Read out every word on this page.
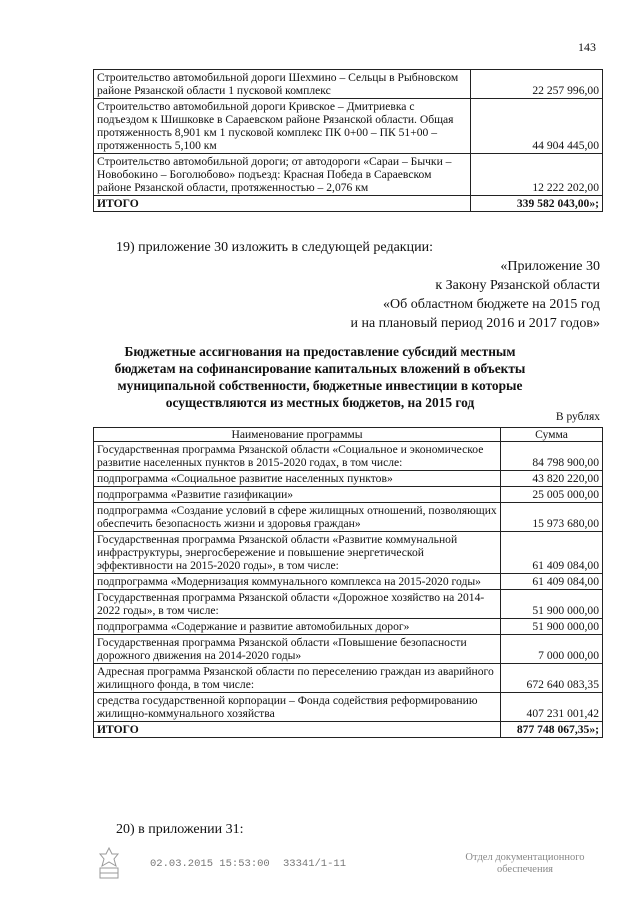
143
Строительство автомобильной дороги Шехмино – Сельцы в Рыбновском районе Рязанской области 1 пусковой комплекс	22 257 996,00
Строительство автомобильной дороги Кривское – Дмитриевка с подъездом к Шишковке в Сараевском районе Рязанской области. Общая протяженность 8,901 км 1 пусковой комплекс ПК 0+00 – ПК 51+00 – протяженность 5,100 км	44 904 445,00
Строительство автомобильной дороги; от автодороги «Сараи – Бычки – Новобокино – Боголюбово» подъезд: Красная Победа в Сараевском районе Рязанской области, протяженностью – 2,076 км	12 222 202,00
ИТОГО	339 582 043,00»;
19) приложение 30 изложить в следующей редакции:
«Приложение 30
к Закону Рязанской области
«Об областном бюджете на 2015 год
и на плановый период 2016 и 2017 годов»
Бюджетные ассигнования на предоставление субсидий местным бюджетам на софинансирование капитальных вложений в объекты муниципальной собственности, бюджетные инвестиции в которые осуществляются из местных бюджетов, на 2015 год
В рублях
Наименование программы	Сумма
Государственная программа Рязанской области «Социальное и экономическое развитие населенных пунктов в 2015-2020 годах, в том числе:	84 798 900,00
подпрограмма «Социальное развитие населенных пунктов»	43 820 220,00
подпрограмма «Развитие газификации»	25 005 000,00
подпрограмма «Создание условий в сфере жилищных отношений, позволяющих обеспечить безопасность жизни и здоровья граждан»	15 973 680,00
Государственная программа Рязанской области «Развитие коммунальной инфраструктуры, энергосбережение и повышение энергетической эффективности на 2015-2020 годы», в том числе:	61 409 084,00
подпрограмма «Модернизация коммунального комплекса на 2015-2020 годы»	61 409 084,00
Государственная программа Рязанской области «Дорожное хозяйство на 2014-2022 годы», в том числе:	51 900 000,00
подпрограмма «Содержание и развитие автомобильных дорог»	51 900 000,00
Государственная программа Рязанской области «Повышение безопасности дорожного движения на 2014-2020 годы»	7 000 000,00
Адресная программа Рязанской области по переселению граждан из аварийного жилищного фонда, в том числе:	672 640 083,35
средства государственной корпорации – Фонда содействия реформированию жилищно-коммунального хозяйства	407 231 001,42
ИТОГО	877 748 067,35»;
20) в приложении 31:
02.03.2015 15:53:00 33341/1-11
Отдел документационного обеспечения
